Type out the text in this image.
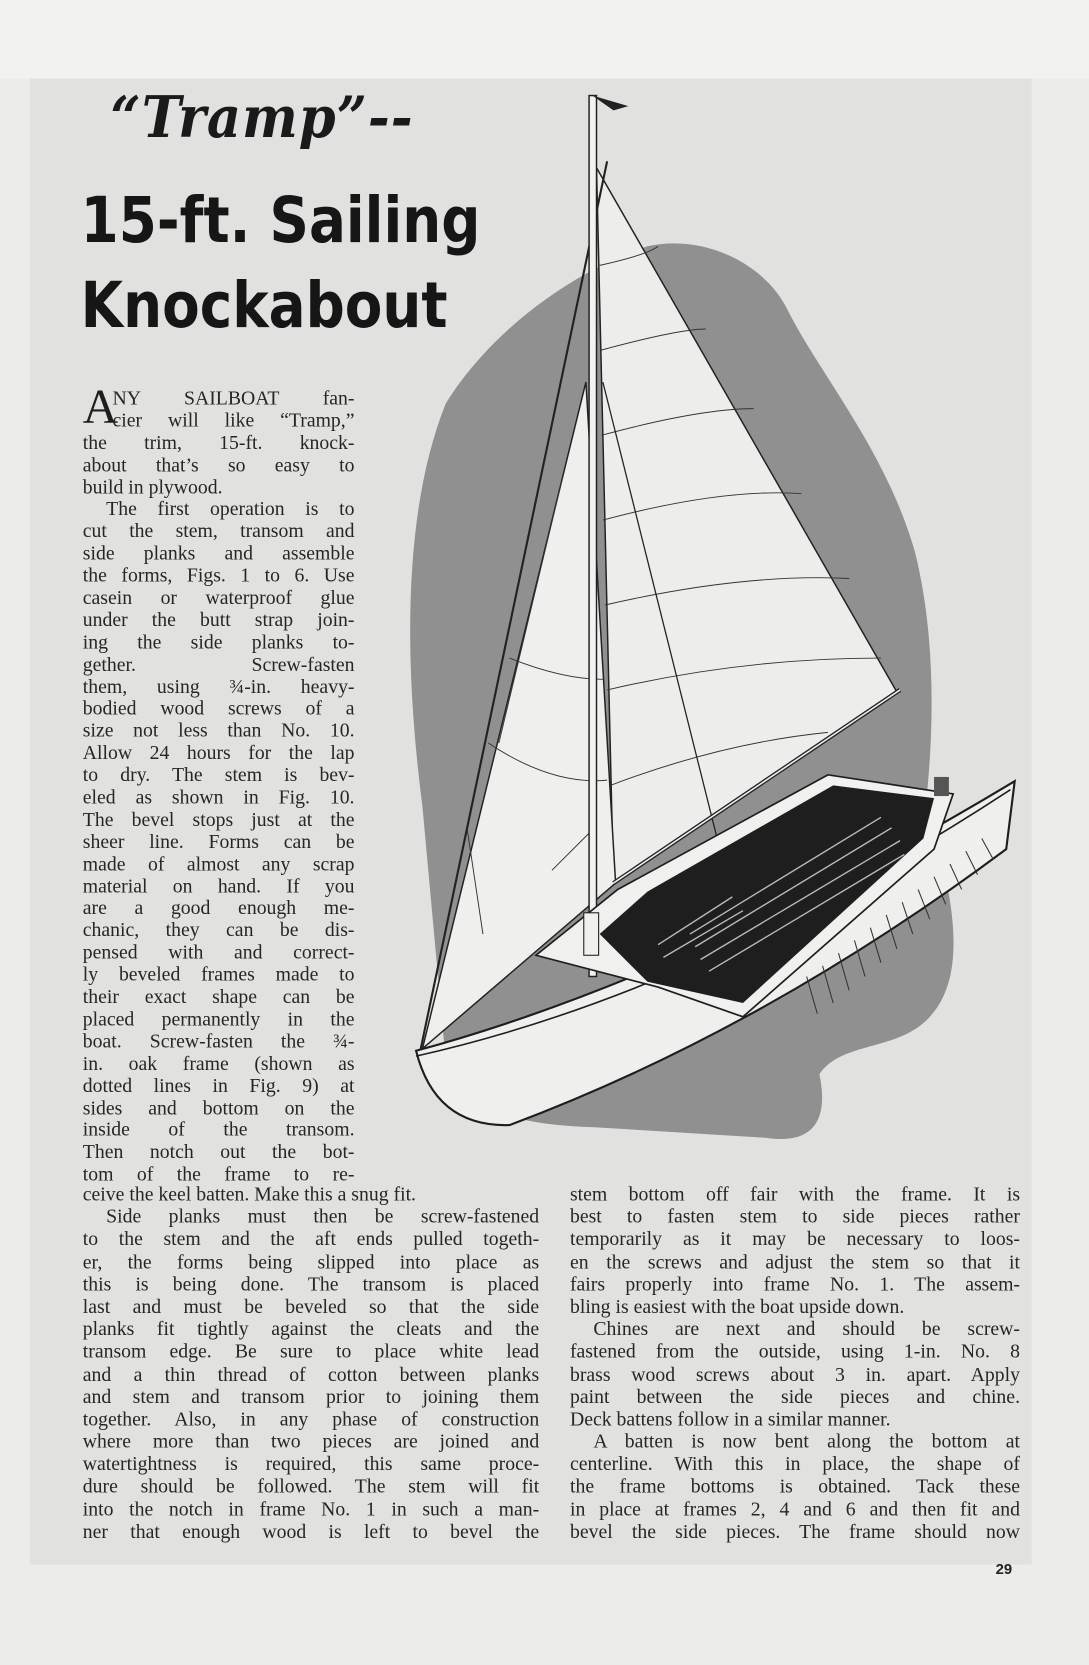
“Tramp”--
15-ft. Sailing
Knockabout
A
NY SAILBOAT fan-
cier will like “Tramp,”
the trim, 15-ft. knock-
about that’s so easy to
build in plywood.
The first operation is to
cut the stem, transom and
side planks and assemble
the forms, Figs. 1 to 6. Use
casein or waterproof glue
under the butt strap join-
ing the side planks to-
gether. Screw-fasten
them, using ¾-in. heavy-
bodied wood screws of a
size not less than No. 10.
Allow 24 hours for the lap
to dry. The stem is bev-
eled as shown in Fig. 10.
The bevel stops just at the
sheer line. Forms can be
made of almost any scrap
material on hand. If you
are a good enough me-
chanic, they can be dis-
pensed with and correct-
ly beveled frames made to
their exact shape can be
placed permanently in the
boat. Screw-fasten the ¾-
in. oak frame (shown as
dotted lines in Fig. 9) at
sides and bottom on the
inside of the transom.
Then notch out the bot-
tom of the frame to re-
ceive the keel batten. Make this a snug fit.
Side planks must then be screw-fastened
to the stem and the aft ends pulled togeth-
er, the forms being slipped into place as
this is being done. The transom is placed
last and must be beveled so that the side
planks fit tightly against the cleats and the
transom edge. Be sure to place white lead
and a thin thread of cotton between planks
and stem and transom prior to joining them
together. Also, in any phase of construction
where more than two pieces are joined and
watertightness is required, this same proce-
dure should be followed. The stem will fit
into the notch in frame No. 1 in such a man-
ner that enough wood is left to bevel the
stem bottom off fair with the frame. It is
best to fasten stem to side pieces rather
temporarily as it may be necessary to loos-
en the screws and adjust the stem so that it
fairs properly into frame No. 1. The assem-
bling is easiest with the boat upside down.
Chines are next and should be screw-
fastened from the outside, using 1-in. No. 8
brass wood screws about 3 in. apart. Apply
paint between the side pieces and chine.
Deck battens follow in a similar manner.
A batten is now bent along the bottom at
centerline. With this in place, the shape of
the frame bottoms is obtained. Tack these
in place at frames 2, 4 and 6 and then fit and
bevel the side pieces. The frame should now
29
